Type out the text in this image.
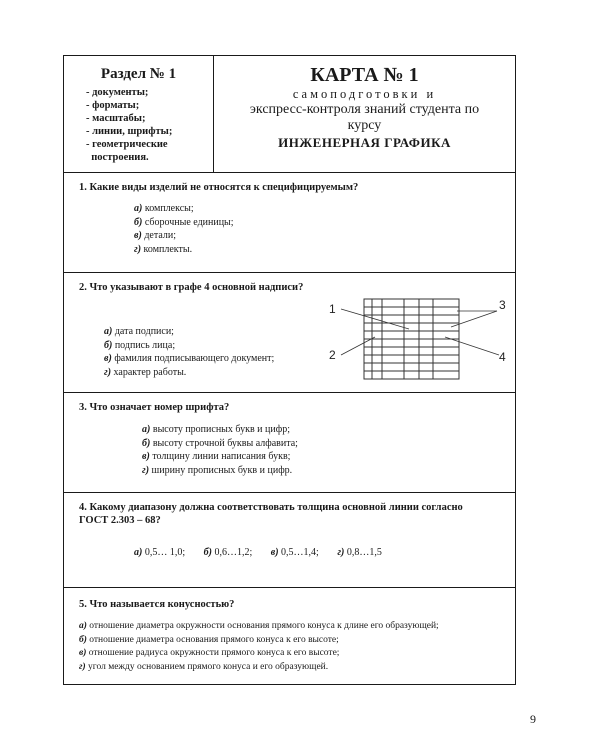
Раздел № 1
- документы;
- форматы;
- масштабы;
- линии, шрифты;
- геометрические
построения.
КАРТА № 1
самоподготовки и
экспресс-контроля знаний студента по
курсу
ИНЖЕНЕРНАЯ ГРАФИКА
1. Какие виды изделий не относятся к специфицируемым?
а) комплексы;
б) сборочные единицы;
в) детали;
г) комплекты.
2. Что указывают в графе 4 основной надписи?
а) дата подписи;
б) подпись лица;
в) фамилия подписывающего документ;
г) характер работы.
1
2
3
4
3. Что означает номер шрифта?
а) высоту прописных букв и цифр;
б) высоту строчной буквы алфавита;
в) толщину линии написания букв;
г) ширину прописных букв и цифр.
4. Какому диапазону должна соответствовать толщина основной линии согласно
ГОСТ 2.303 – 68?
а) 0,5… 1,0; б) 0,6…1,2; в) 0,5…1,4; г) 0,8…1,5
5. Что называется конусностью?
а) отношение диаметра окружности основания прямого конуса к длине его образующей;
б) отношение диаметра основания прямого конуса к его высоте;
в) отношение радиуса окружности прямого конуса к его высоте;
г) угол между основанием прямого конуса и его образующей.
9
